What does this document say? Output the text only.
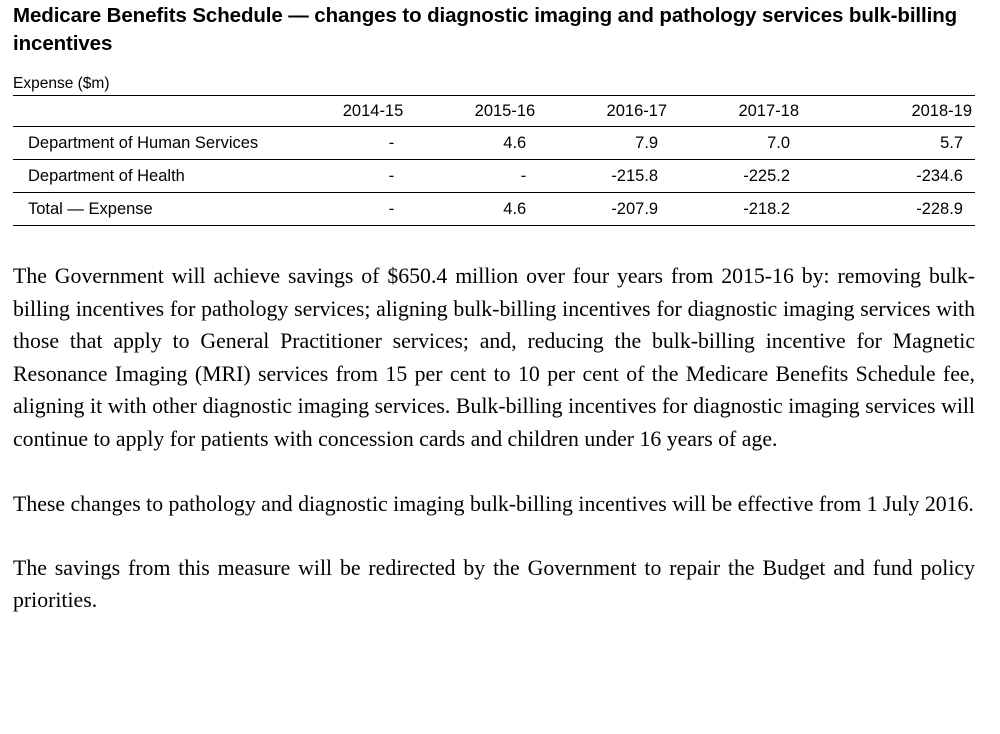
Medicare Benefits Schedule — changes to diagnostic imaging and pathology services bulk-billing incentives
Expense ($m)
	2014-15	2015-16	2016-17	2017-18	2018-19
Department of Human Services	-	4.6	7.9	7.0	5.7
Department of Health	-	-	-215.8	-225.2	-234.6
Total — Expense	-	4.6	-207.9	-218.2	-228.9

The Government will achieve savings of $650.4 million over four years from 2015-16 by: removing bulk-billing incentives for pathology services; aligning bulk-billing incentives for diagnostic imaging services with those that apply to General Practitioner services; and, reducing the bulk-billing incentive for Magnetic Resonance Imaging (MRI) services from 15 per cent to 10 per cent of the Medicare Benefits Schedule fee, aligning it with other diagnostic imaging services. Bulk-billing incentives for diagnostic imaging services will continue to apply for patients with concession cards and children under 16 years of age.

These changes to pathology and diagnostic imaging bulk-billing incentives will be effective from 1 July 2016.

The savings from this measure will be redirected by the Government to repair the Budget and fund policy priorities.
